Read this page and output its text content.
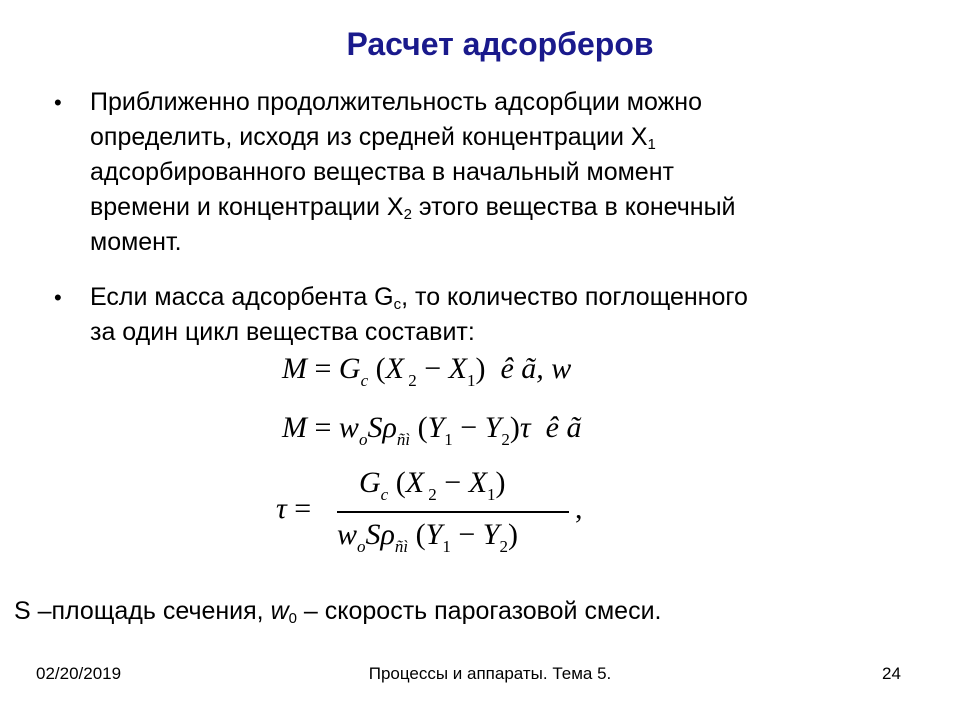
Расчет адсорберов
• Приближенно продолжительность адсорбции можно
определить, исходя из средней концентрации $X_1$
адсорбированного вещества в начальный момент
времени и концентрации $X_2$ этого вещества в конечный
момент.
• Если масса адсорбента $G_c$, то количество поглощенного
за один цикл вещества составит:
$M = G_c$ (X $_2 - X_1$)  ê ã, w
$M = w_oS\rho_{ñì}$ $(Y_1 - Y_2)\tau$  ê ã
τ =
$G_c$ (X $_2 - X_1$)
$w_oS\rho_{ñì}$ $(Y_1 - Y_2)$
,
S –площадь сечения, $w_0$ – скорость парогазовой смеси.
02/20/2019	Процессы и аппараты. Тема 5.	24
